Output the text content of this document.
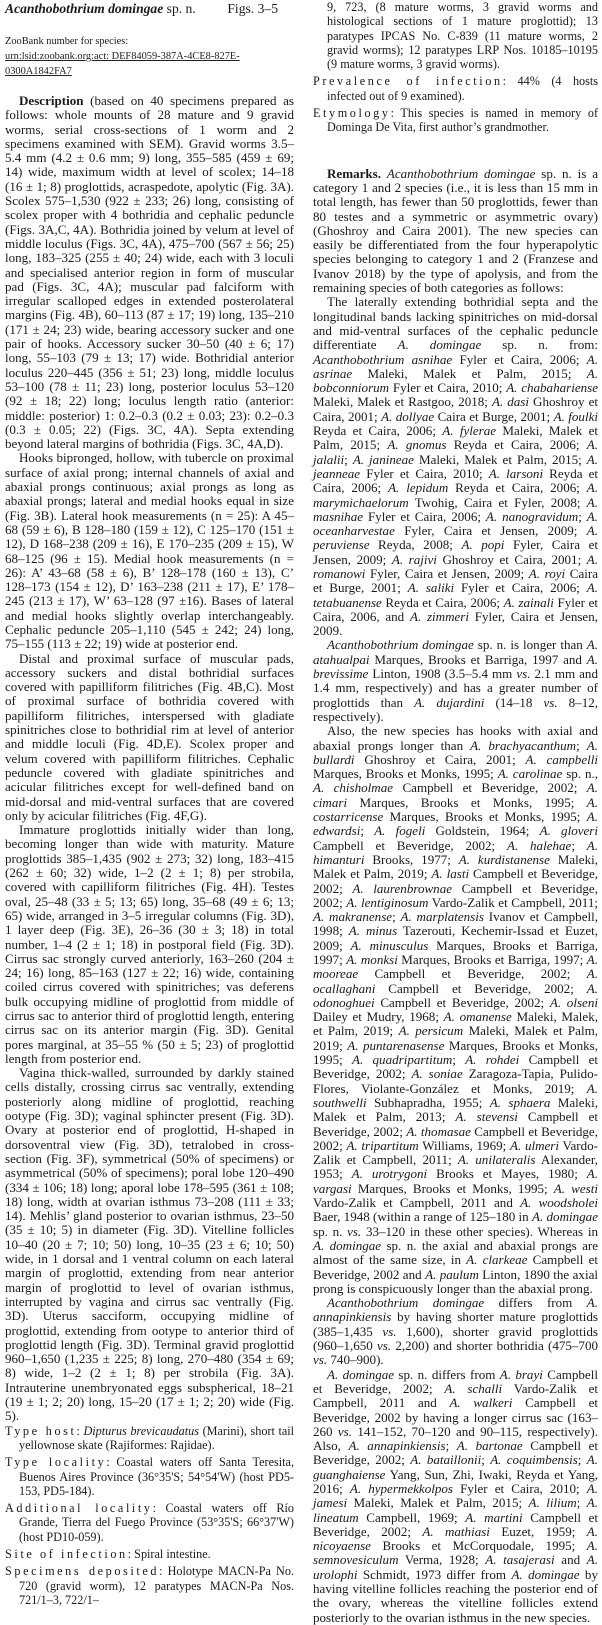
Acanthobothrium domingae sp. n. Figs. 3–5
ZooBank number for species:
urn:lsid:zoobank.org:act: DEF84059-387A-4CE8-827E-0300A1842FA7

Description (based on 40 specimens prepared as follows: whole mounts of 28 mature and 9 gravid worms, serial cross-sections of 1 worm and 2 specimens examined with SEM). Gravid worms 3.5–5.4 mm (4.2 ± 0.6 mm; 9) long, 355–585 (459 ± 69; 14) wide, maximum width at level of scolex; 14–18 (16 ± 1; 8) proglottids, acraspedote, apolytic (Fig. 3A). Scolex 575–1,530 (922 ± 233; 26) long, consisting of scolex proper with 4 bothridia and cephalic peduncle (Figs. 3A,C, 4A). Bothridia joined by velum at level of middle loculus (Figs. 3C, 4A), 475–700 (567 ± 56; 25) long, 183–325 (255 ± 40; 24) wide, each with 3 loculi and specialised anterior region in form of muscular pad (Figs. 3C, 4A); muscular pad falciform with irregular scalloped edges in extended posterolateral margins (Fig. 4B), 60–113 (87 ± 17; 19) long, 135–210 (171 ± 24; 23) wide, bearing accessory sucker and one pair of hooks. Accessory sucker 30–50 (40 ± 6; 17) long, 55–103 (79 ± 13; 17) wide. Bothridial anterior loculus 220–445 (356 ± 51; 23) long, middle loculus 53–100 (78 ± 11; 23) long, posterior loculus 53–120 (92 ± 18; 22) long; loculus length ratio (anterior: middle: posterior) 1: 0.2–0.3 (0.2 ± 0.03; 23): 0.2–0.3 (0.3 ± 0.05; 22) (Figs. 3C, 4A). Septa extending beyond lateral margins of bothridia (Figs. 3C, 4A,D).

Hooks bipronged, hollow, with tubercle on proximal surface of axial prong; internal channels of axial and abaxial prongs continuous; axial prongs as long as abaxial prongs; lateral and medial hooks equal in size (Fig. 3B). Lateral hook measurements (n = 25): A 45–68 (59 ± 6), B 128–180 (159 ± 12), C 125–170 (151 ± 12), D 168–238 (209 ± 16), E 170–235 (209 ± 15), W 68–125 (96 ± 15). Medial hook measurements (n = 26): A’ 43–68 (58 ± 6), B’ 128–178 (160 ± 13), C’ 128–173 (154 ± 12), D’ 163–238 (211 ± 17), E’ 178–245 (213 ± 17), W’ 63–128 (97 ±16). Bases of lateral and medial hooks slightly overlap interchangeably. Cephalic peduncle 205–1,110 (545 ± 242; 24) long, 75–155 (113 ± 22; 19) wide at posterior end.

Distal and proximal surface of muscular pads, accessory suckers and distal bothridial surfaces covered with papilliform filitriches (Fig. 4B,C). Most of proximal surface of bothridia covered with papilliform filitriches, interspersed with gladiate spinitriches close to bothridial rim at level of anterior and middle loculi (Fig. 4D,E). Scolex proper and velum covered with papilliform filitriches. Cephalic peduncle covered with gladiate spinitriches and acicular filitriches except for well-defined band on mid-dorsal and mid-ventral surfaces that are covered only by acicular filitriches (Fig. 4F,G).

Immature proglottids initially wider than long, becoming longer than wide with maturity. Mature proglottids 385–1,435 (902 ± 273; 32) long, 183–415 (262 ± 60; 32) wide, 1–2 (2 ± 1; 8) per strobila, covered with capilliform filitriches (Fig. 4H). Testes oval, 25–48 (33 ± 5; 13; 65) long, 35–68 (49 ± 6; 13; 65) wide, arranged in 3–5 irregular columns (Fig. 3D), 1 layer deep (Fig. 3E), 26–36 (30 ± 3; 18) in total number, 1–4 (2 ± 1; 18) in postporal field (Fig. 3D). Cirrus sac strongly curved anteriorly, 163–260 (204 ± 24; 16) long, 85–163 (127 ± 22; 16) wide, containing coiled cirrus covered with spinitriches; vas deferens bulk occupying midline of proglottid from middle of cirrus sac to anterior third of proglottid length, entering cirrus sac on its anterior margin (Fig. 3D). Genital pores marginal, at 35–55 % (50 ± 5; 23) of proglottid length from posterior end.

Vagina thick-walled, surrounded by darkly stained cells distally, crossing cirrus sac ventrally, extending posteriorly along midline of proglottid, reaching ootype (Fig. 3D); vaginal sphincter present (Fig. 3D). Ovary at posterior end of proglottid, H-shaped in dorsoventral view (Fig. 3D), tetralobed in cross-section (Fig. 3F), symmetrical (50% of specimens) or asymmetrical (50% of specimens); poral lobe 120–490 (334 ± 106; 18) long; aporal lobe 178–595 (361 ± 108; 18) long, width at ovarian isthmus 73–208 (111 ± 33; 14). Mehlis’ gland posterior to ovarian isthmus, 23–50 (35 ± 10; 5) in diameter (Fig. 3D). Vitelline follicles 10–40 (20 ± 7; 10; 50) long, 10–35 (23 ± 6; 10; 50) wide, in 1 dorsal and 1 ventral column on each lateral margin of proglottid, extending from near anterior margin of proglottid to level of ovarian isthmus, interrupted by vagina and cirrus sac ventrally (Fig. 3D). Uterus sacciform, occupying midline of proglottid, extending from ootype to anterior third of proglottid length (Fig. 3D). Terminal gravid proglottid 960–1,650 (1,235 ± 225; 8) long, 270–480 (354 ± 69; 8) wide, 1–2 (2 ± 1; 8) per strobila (Fig. 3A). Intrauterine unembryonated eggs subspherical, 18–21 (19 ± 1; 2; 20) long, 15–20 (17 ± 1; 2; 20) wide (Fig. 5).

Type host: Dipturus brevicaudatus (Marini), short tail yellownose skate (Rajiformes: Rajidae).

Type locality: Coastal waters off Santa Teresita, Buenos Aires Province (36°35'S; 54°54'W) (host PD5-153, PD5-184).

Additional locality: Coastal waters off Río Grande, Tierra del Fuego Province (53°35'S; 66°37'W) (host PD10-059).

Site of infection: Spiral intestine.

Specimens deposited: Holotype MACN-Pa No. 720 (gravid worm), 12 paratypes MACN-Pa Nos. 721/1–3, 722/1–

9, 723, (8 mature worms, 3 gravid worms and histological sections of 1 mature proglottid); 13 paratypes IPCAS No. C-839 (11 mature worms, 2 gravid worms); 12 paratypes LRP Nos. 10185–10195 (9 mature worms, 3 gravid worms).

Prevalence of infection: 44% (4 hosts infected out of 9 examined).

Etymology: This species is named in memory of Dominga De Vita, first author’s grandmother.

Remarks. Acanthobothrium domingae sp. n. is a category 1 and 2 species (i.e., it is less than 15 mm in total length, has fewer than 50 proglottids, fewer than 80 testes and a symmetric or asymmetric ovary) (Ghoshroy and Caira 2001). The new species can easily be differentiated from the four hyperapolytic species belonging to category 1 and 2 (Franzese and Ivanov 2018) by the type of apolysis, and from the remaining species of both categories as follows:

The laterally extending bothridial septa and the longitudinal bands lacking spinitriches on mid-dorsal and mid-ventral surfaces of the cephalic peduncle differentiate A. domingae sp. n. from: Acanthobothrium asnihae Fyler et Caira, 2006; A. asrinae Maleki, Malek et Palm, 2015; A. bobconniorum Fyler et Caira, 2010; A. chabahariense Maleki, Malek et Rastgoo, 2018; A. dasi Ghoshroy et Caira, 2001; A. dollyae Caira et Burge, 2001; A. foulki Reyda et Caira, 2006; A. fylerae Maleki, Malek et Palm, 2015; A. gnomus Reyda et Caira, 2006; A. jalalii; A. janineae Maleki, Malek et Palm, 2015; A. jeanneae Fyler et Caira, 2010; A. larsoni Reyda et Caira, 2006; A. lepidum Reyda et Caira, 2006; A. marymichaelorum Twohig, Caira et Fyler, 2008; A. masnihae Fyler et Caira, 2006; A. nanogravidum; A. oceanharvestae Fyler, Caira et Jensen, 2009; A. peruviense Reyda, 2008; A. popi Fyler, Caira et Jensen, 2009; A. rajivi Ghoshroy et Caira, 2001; A. romanowi Fyler, Caira et Jensen, 2009; A. royi Caira et Burge, 2001; A. saliki Fyler et Caira, 2006; A. tetabuanense Reyda et Caira, 2006; A. zainali Fyler et Caira, 2006, and A. zimmeri Fyler, Caira et Jensen, 2009.

Acanthobothrium domingae sp. n. is longer than A. atahualpai Marques, Brooks et Barriga, 1997 and A. brevissime Linton, 1908 (3.5–5.4 mm vs. 2.1 mm and 1.4 mm, respectively) and has a greater number of proglottids than A. dujardini (14–18 vs. 8–12, respectively).

Also, the new species has hooks with axial and abaxial prongs longer than A. brachyacanthum; A. bullardi Ghoshroy et Caira, 2001; A. campbelli Marques, Brooks et Monks, 1995; A. carolinae sp. n., A. chisholmae Campbell et Beveridge, 2002; A. cimari Marques, Brooks et Monks, 1995; A. costarricense Marques, Brooks et Monks, 1995; A. edwardsi; A. fogeli Goldstein, 1964; A. gloveri Campbell et Beveridge, 2002; A. halehae; A. himanturi Brooks, 1977; A. kurdistanense Maleki, Malek et Palm, 2019; A. lasti Campbell et Beveridge, 2002; A. laurenbrownae Campbell et Beveridge, 2002; A. lentiginosum Vardo-Zalik et Campbell, 2011; A. makranense; A. marplatensis Ivanov et Campbell, 1998; A. minus Tazerouti, Kechemir-Issad et Euzet, 2009; A. minusculus Marques, Brooks et Barriga, 1997; A. monksi Marques, Brooks et Barriga, 1997; A. mooreae Campbell et Beveridge, 2002; A. ocallaghani Campbell et Beveridge, 2002; A. odonoghuei Campbell et Beveridge, 2002; A. olseni Dailey et Mudry, 1968; A. omanense Maleki, Malek, et Palm, 2019; A. persicum Maleki, Malek et Palm, 2019; A. puntarenasense Marques, Brooks et Monks, 1995; A. quadripartitum; A. rohdei Campbell et Beveridge, 2002; A. soniae Zaragoza-Tapia, Pulido-Flores, Violante-González et Monks, 2019; A. southwelli Subhapradha, 1955; A. sphaera Maleki, Malek et Palm, 2013; A. stevensi Campbell et Beveridge, 2002; A. thomasae Campbell et Beveridge, 2002; A. tripartitum Williams, 1969; A. ulmeri Vardo-Zalik et Campbell, 2011; A. unilateralis Alexander, 1953; A. urotrygoni Brooks et Mayes, 1980; A. vargasi Marques, Brooks et Monks, 1995; A. westi Vardo-Zalik et Campbell, 2011 and A. woodsholei Baer, 1948 (within a range of 125–180 in A. domingae sp. n. vs. 33–120 in these other species). Whereas in A. domingae sp. n. the axial and abaxial prongs are almost of the same size, in A. clarkeae Campbell et Beveridge, 2002 and A. paulum Linton, 1890 the axial prong is conspicuously longer than the abaxial prong.

Acanthobothrium domingae differs from A. annapinkiensis by having shorter mature proglottids (385–1,435 vs. 1,600), shorter gravid proglottids (960–1,650 vs. 2,200) and shorter bothridia (475–700 vs. 740–900).

A. domingae sp. n. differs from A. brayi Campbell et Beveridge, 2002; A. schalli Vardo-Zalik et Campbell, 2011 and A. walkeri Campbell et Beveridge, 2002 by having a longer cirrus sac (163–260 vs. 141–152, 70–120 and 90–115, respectively). Also, A. annapinkiensis; A. bartonae Campbell et Beveridge, 2002; A. bataillonii; A. coquimbensis; A. guanghaiense Yang, Sun, Zhi, Iwaki, Reyda et Yang, 2016; A. hypermekkolpos Fyler et Caira, 2010; A. jamesi Maleki, Malek et Palm, 2015; A. lilium; A. lineatum Campbell, 1969; A. martini Campbell et Beveridge, 2002; A. mathiasi Euzet, 1959; A. nicoyaense Brooks et McCorquodale, 1995; A. semnovesiculum Verma, 1928; A. tasajerasi and A. urolophi Schmidt, 1973 differ from A. domingae by having vitelline follicles reaching the posterior end of the ovary, whereas the vitelline follicles extend posteriorly to the ovarian isthmus in the new species.
